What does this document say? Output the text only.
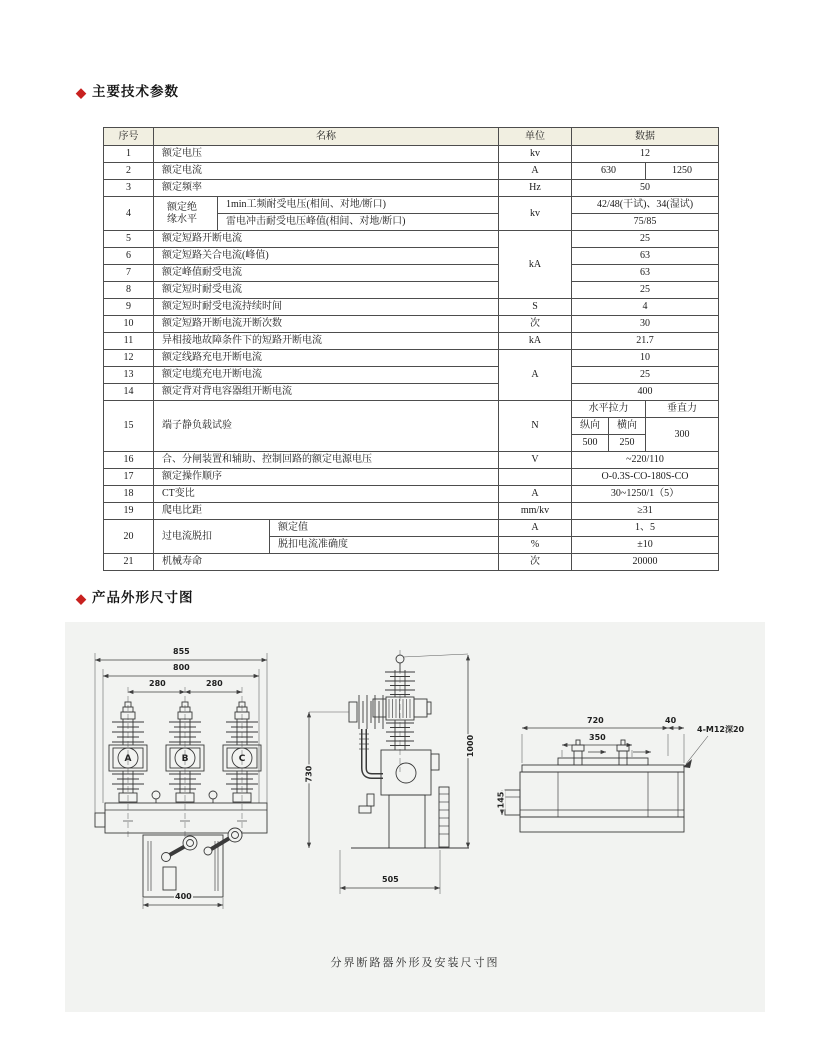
◆ 主要技术参数
序号	名称			单位	数据		
1	额定电压			kv	12		
2	额定电流			A	630		1250
3	额定频率			Hz	50		
4	额定绝缘水平	1min工频耐受电压(相间、对地/断口)		kv	42/48(干试)、34(湿试)		
		雷电冲击耐受电压峰值(相间、对地/断口)			75/85		
5	额定短路开断电流			kA	25		
6	额定短路关合电流(峰值)				63		
7	额定峰值耐受电流				63		
8	额定短时耐受电流				25		
9	额定短时耐受电流持续时间			S	4		
10	额定短路开断电流开断次数			次	30		
11	异相接地故障条件下的短路开断电流			kA	21.7		
12	额定线路充电开断电流			A	10		
13	额定电缆充电开断电流				25		
14	额定背对背电容器组开断电流				400		
15	端子静负载试验			N	水平拉力		垂直力
					纵向	横向	300
					500	250	
16	合、分闸装置和辅助、控制回路的额定电源电压			V	~220/110		
17	额定操作顺序				O-0.3S-CO-180S-CO		
18	CT变比			A	30~1250/1（5）		
19	爬电比距			mm/kv	≥31		
20	过电流脱扣		额定值	A	1、5		
			脱扣电流准确度	%	±10		
21	机械寿命			次	20000		
◆ 产品外形尺寸图
A	B	C
855
800
280	280
400
730
1000
505
720	40
350
145
4-M12深20
分界断路器外形及安装尺寸图
